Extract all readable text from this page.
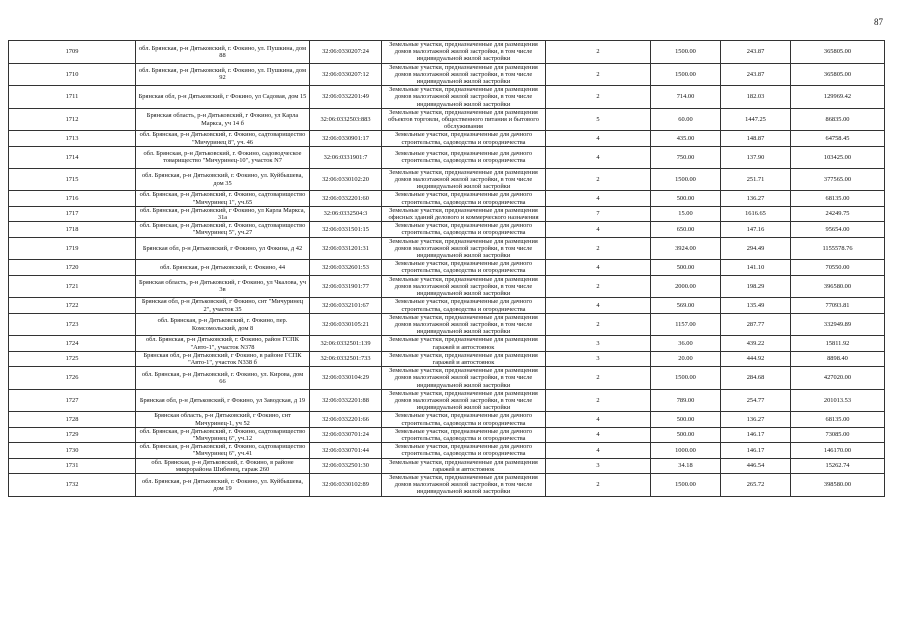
87
1709	обл. Брянская, р-н Дятьковский, г. Фокино, ул. Пушкина, дом 88	32:06:0330207:24	Земельные участки, предназначенные для размещения домов малоэтажной жилой застройки, в том числе индивидуальной жилой застройки	2	1500.00	243.87	365805.00
1710	обл. Брянская, р-н Дятьковский, г. Фокино, ул. Пушкина, дом 92	32:06:0330207:12	Земельные участки, предназначенные для размещения домов малоэтажной жилой застройки, в том числе индивидуальной жилой застройки	2	1500.00	243.87	365805.00
1711	Брянская обл, р-н Дятьковский, г Фокино, ул Садовая, дом 15	32:06:0332201:49	Земельные участки, предназначенные для размещения домов малоэтажной жилой застройки, в том числе индивидуальной жилой застройки	2	714.00	182.03	129969.42
1712	Брянская область, р-н Дятьковский, г Фокино, ул Карла Маркса, уч 14 б	32:06:0332503:883	Земельные участки, предназначенные для размещения объектов торговли, общественного питания и бытового обслуживания	5	60.00	1447.25	86835.00
1713	обл. Брянская, р-н Дятьковский, г. Фокино, садтоварищество "Мичуринец 8", уч. 46	32:06:0330901:17	Земельные участки, предназначенные для дачного строительства, садоводства и огородничества	4	435.00	148.87	64758.45
1714	обл. Брянская, р-н Дятьковский, г. Фокино, садоводческое товарищество "Мичуринец-10", участок N7	32:06:0331901:7	Земельные участки, предназначенные для дачного строительства, садоводства и огородничества	4	750.00	137.90	103425.00
1715	обл. Брянская, р-н Дятьковский, г. Фокино, ул. Куйбышева, дом 35	32:06:0330102:20	Земельные участки, предназначенные для размещения домов малоэтажной жилой застройки, в том числе индивидуальной жилой застройки	2	1500.00	251.71	377565.00
1716	обл. Брянская, р-н Дятьковский, г. Фокино, садтоварищество "Мичуринец 1", уч.65	32:06:0332201:60	Земельные участки, предназначенные для дачного строительства, садоводства и огородничества	4	500.00	136.27	68135.00
1717	обл. Брянская, р-н Дятьковский, г Фокино, ул Карла Маркса, 31а	32:06:0332504:3	Земельные участки, предназначенные для размещения офисных зданий делового и коммерческого назначения	7	15.00	1616.65	24249.75
1718	обл. Брянская, р-н Дятьковский, г. Фокино, садтоварищество "Мичуринец 5", уч.27	32:06:0331501:15	Земельные участки, предназначенные для дачного строительства, садоводства и огородничества	4	650.00	147.16	95654.00
1719	Брянская обл, р-н Дятьковский, г Фокино, ул Фокина, д 42	32:06:0331201:31	Земельные участки, предназначенные для размещения домов малоэтажной жилой застройки, в том числе индивидуальной жилой застройки	2	3924.00	294.49	1155578.76
1720	обл. Брянская, р-н Дятьковский, г. Фокино, 44	32:06:0332601:53	Земельные участки, предназначенные для дачного строительства, садоводства и огородничества	4	500.00	141.10	70550.00
1721	Брянская область, р-н Дятьковский, г Фокино, ул Чкалова, уч 3в	32:06:0331901:77	Земельные участки, предназначенные для размещения домов малоэтажной жилой застройки, в том числе индивидуальной жилой застройки	2	2000.00	198.29	396580.00
1722	Брянская обл, р-н Дятьковский, г Фокино, снт "Мичуринец 2", участок 35	32:06:0332101:67	Земельные участки, предназначенные для дачного строительства, садоводства и огородничества	4	569.00	135.49	77093.81
1723	обл. Брянская, р-н Дятьковский, г. Фокино, пер. Комсомольский, дом 8	32:06:0330105:21	Земельные участки, предназначенные для размещения домов малоэтажной жилой застройки, в том числе индивидуальной жилой застройки	2	1157.00	287.77	332949.89
1724	обл. Брянская, р-н Дятьковский, г. Фокино, район ГСПК "Авто-1", участок N378	32:06:0332501:139	Земельные участки, предназначенные для размещения гаражей и автостоянок	3	36.00	439.22	15811.92
1725	Брянская обл, р-н Дятьковский, г Фокино, в районе ГСПК "Авто-1", участок N338 б	32:06:0332501:733	Земельные участки, предназначенные для размещения гаражей и автостоянок	3	20.00	444.92	8898.40
1726	обл. Брянская, р-н Дятьковский, г. Фокино, ул. Кирова, дом 66	32:06:0330104:29	Земельные участки, предназначенные для размещения домов малоэтажной жилой застройки, в том числе индивидуальной жилой застройки	2	1500.00	284.68	427020.00
1727	Брянская обл, р-н Дятьковский, г Фокино, ул Заводская, д 19	32:06:0332201:88	Земельные участки, предназначенные для размещения домов малоэтажной жилой застройки, в том числе индивидуальной жилой застройки	2	789.00	254.77	201013.53
1728	Брянская область, р-н Дятьковский, г Фокино, снт Мичуринец-1, уч 52	32:06:0332201:66	Земельные участки, предназначенные для дачного строительства, садоводства и огородничества	4	500.00	136.27	68135.00
1729	обл. Брянская, р-н Дятьковский, г. Фокино, садтоварищество "Мичуринец 6", уч.12	32:06:0330701:24	Земельные участки, предназначенные для дачного строительства, садоводства и огородничества	4	500.00	146.17	73085.00
1730	обл. Брянская, р-н Дятьковский, г. Фокино, садтоварищество "Мичуринец 6", уч.41	32:06:0330701:44	Земельные участки, предназначенные для дачного строительства, садоводства и огородничества	4	1000.00	146.17	146170.00
1731	обл. Брянская, р-н Дятьковский, г. Фокино, в районе микрорайона Шибенец, гараж 260	32:06:0332501:30	Земельные участки, предназначенные для размещения гаражей и автостоянок	3	34.18	446.54	15262.74
1732	обл. Брянская, р-н Дятьковский, г. Фокино, ул. Куйбышева, дом 19	32:06:0330102:89	Земельные участки, предназначенные для размещения домов малоэтажной жилой застройки, в том числе индивидуальной жилой застройки	2	1500.00	265.72	398580.00
